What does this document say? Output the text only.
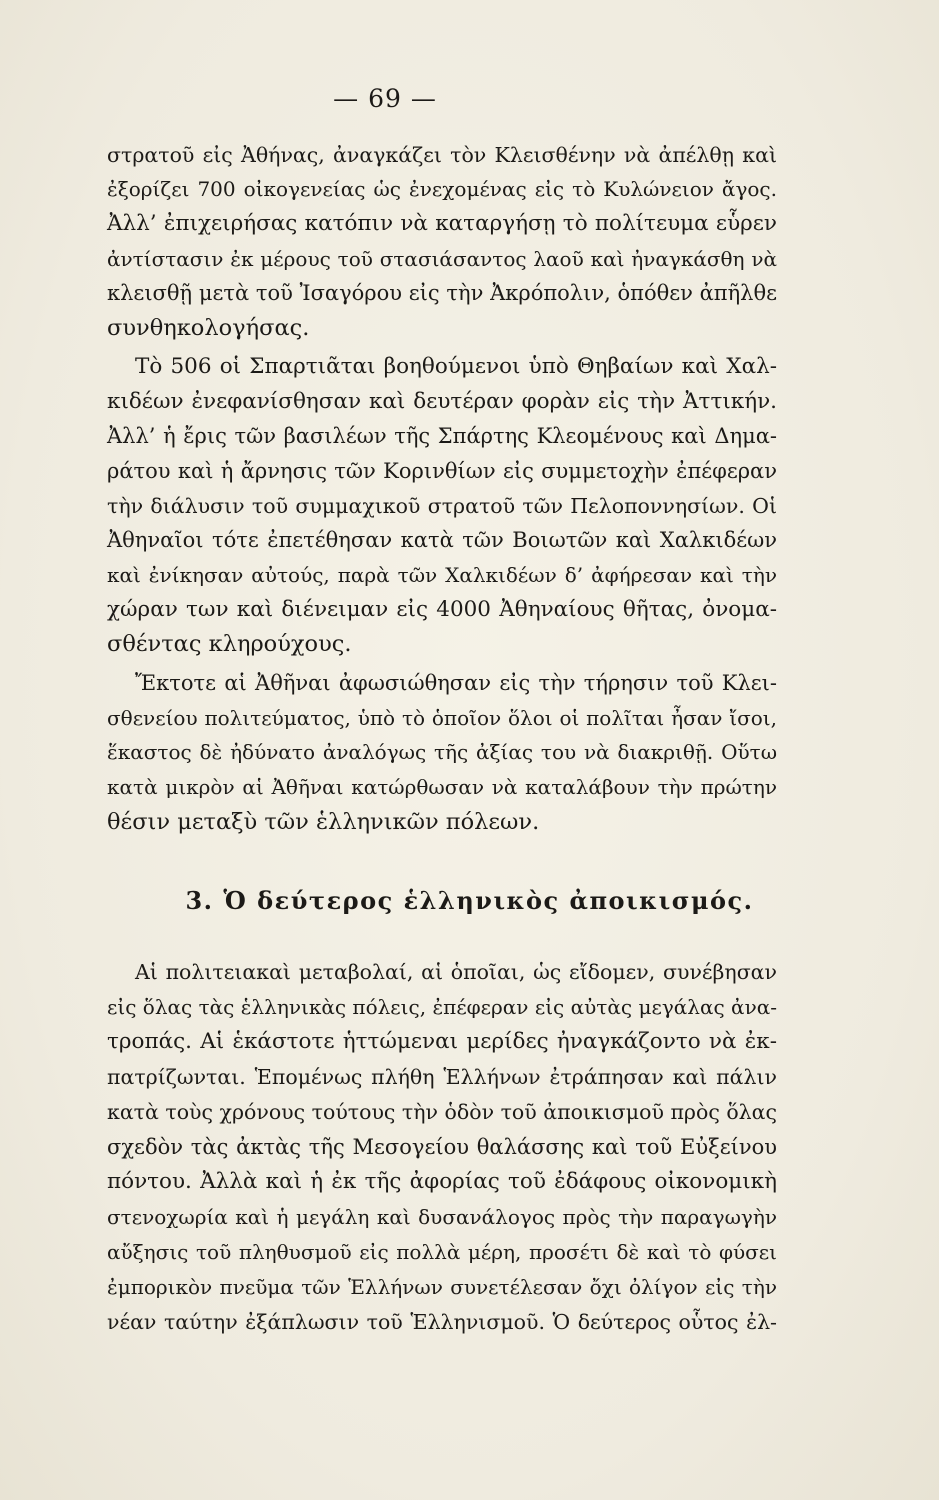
— 69 —
στρατοῦ εἰς Ἀθήνας, ἀναγκάζει τὸν Κλεισθένην νὰ ἀπέλθῃ καὶ
ἐξορίζει 700 οἰκογενείας ὡς ἐνεχομένας εἰς τὸ Κυλώνειον ἄγος.
Ἀλλ’ ἐπιχειρήσας κατόπιν νὰ καταργήσῃ τὸ πολίτευμα εὗρεν
ἀντίστασιν ἐκ μέρους τοῦ στασιάσαντος λαοῦ καὶ ἠναγκάσθη νὰ
κλεισθῇ μετὰ τοῦ Ἰσαγόρου εἰς τὴν Ἀκρόπολιν, ὁπόθεν ἀπῆλθε
συνθηκολογήσας.
Τὸ 506 οἱ Σπαρτιᾶται βοηθούμενοι ὑπὸ Θηβαίων καὶ Χαλ-
κιδέων ἐνεφανίσθησαν καὶ δευτέραν φορὰν εἰς τὴν Ἀττικήν.
Ἀλλ’ ἡ ἔρις τῶν βασιλέων τῆς Σπάρτης Κλεομένους καὶ Δημα-
ράτου καὶ ἡ ἄρνησις τῶν Κορινθίων εἰς συμμετοχὴν ἐπέφεραν
τὴν διάλυσιν τοῦ συμμαχικοῦ στρατοῦ τῶν Πελοποννησίων. Οἱ
Ἀθηναῖοι τότε ἐπετέθησαν κατὰ τῶν Βοιωτῶν καὶ Χαλκιδέων
καὶ ἐνίκησαν αὐτούς, παρὰ τῶν Χαλκιδέων δ’ ἀφήρεσαν καὶ τὴν
χώραν των καὶ διένειμαν εἰς 4000 Ἀθηναίους θῆτας, ὀνομα-
σθέντας κληρούχους.
Ἔκτοτε αἱ Ἀθῆναι ἀφωσιώθησαν εἰς τὴν τήρησιν τοῦ Κλει-
σθενείου πολιτεύματος, ὑπὸ τὸ ὁποῖον ὅλοι οἱ πολῖται ἦσαν ἴσοι,
ἕκαστος δὲ ἠδύνατο ἀναλόγως τῆς ἀξίας του νὰ διακριθῇ. Οὕτω
κατὰ μικρὸν αἱ Ἀθῆναι κατώρθωσαν νὰ καταλάβουν τὴν πρώτην
θέσιν μεταξὺ τῶν ἑλληνικῶν πόλεων.
3. Ὁ δεύτερος ἑλληνικὸς ἀποικισμός.
Αἱ πολιτειακαὶ μεταβολαί, αἱ ὁποῖαι, ὡς εἴδομεν, συνέβησαν
εἰς ὅλας τὰς ἑλληνικὰς πόλεις, ἐπέφεραν εἰς αὐτὰς μεγάλας ἀνα-
τροπάς. Αἱ ἑκάστοτε ἡττώμεναι μερίδες ἠναγκάζοντο νὰ ἐκ-
πατρίζωνται. Ἑπομένως πλήθη Ἑλλήνων ἐτράπησαν καὶ πάλιν
κατὰ τοὺς χρόνους τούτους τὴν ὁδὸν τοῦ ἀποικισμοῦ πρὸς ὅλας
σχεδὸν τὰς ἀκτὰς τῆς Μεσογείου θαλάσσης καὶ τοῦ Εὐξείνου
πόντου. Ἀλλὰ καὶ ἡ ἐκ τῆς ἀφορίας τοῦ ἐδάφους οἰκονομικὴ
στενοχωρία καὶ ἡ μεγάλη καὶ δυσανάλογος πρὸς τὴν παραγωγὴν
αὔξησις τοῦ πληθυσμοῦ εἰς πολλὰ μέρη, προσέτι δὲ καὶ τὸ φύσει
ἐμπορικὸν πνεῦμα τῶν Ἑλλήνων συνετέλεσαν ὄχι ὀλίγον εἰς τὴν
νέαν ταύτην ἐξάπλωσιν τοῦ Ἑλληνισμοῦ. Ὁ δεύτερος οὗτος ἐλ-
